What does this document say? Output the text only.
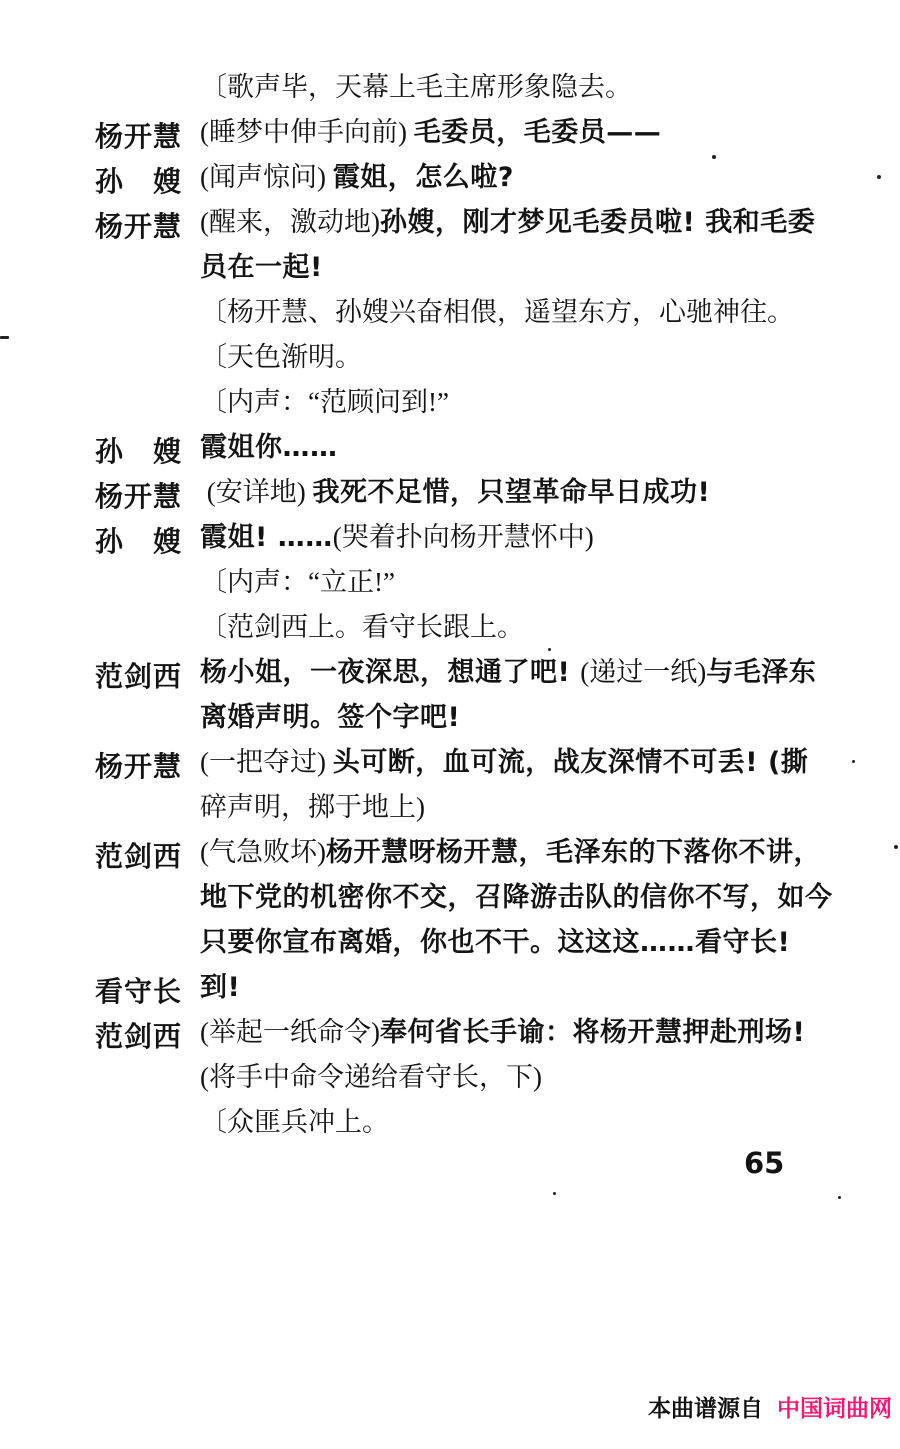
〔歌声毕，天幕上毛主席形象隐去。
杨开慧 (睡梦中伸手向前) 毛委员，毛委员——
孙　嫂 (闻声惊问) 霞姐，怎么啦?
杨开慧 (醒来，激动地)孙嫂，刚才梦见毛委员啦! 我和毛委
员在一起!
〔杨开慧、孙嫂兴奋相偎，遥望东方，心驰神往。
〔天色渐明。
〔内声：“范顾问到!”
孙　嫂 霞姐你……
杨开慧 (安详地) 我死不足惜，只望革命早日成功!
孙　嫂 霞姐! ……(哭着扑向杨开慧怀中)
〔内声：“立正!”
〔范剑西上。看守长跟上。
范剑西 杨小姐，一夜深思，想通了吧! (递过一纸)与毛泽东
离婚声明。签个字吧!
杨开慧 (一把夺过) 头可断，血可流，战友深情不可丢! (撕
碎声明，掷于地上)
范剑西 (气急败坏)杨开慧呀杨开慧，毛泽东的下落你不讲，
地下党的机密你不交，召降游击队的信你不写，如今
只要你宣布离婚，你也不干。这这这……看守长!
看守长 到!
范剑西 (举起一纸命令)奉何省长手谕：将杨开慧押赴刑场!
(将手中命令递给看守长，下)
〔众匪兵冲上。
65

本曲谱源自 中国词曲网
